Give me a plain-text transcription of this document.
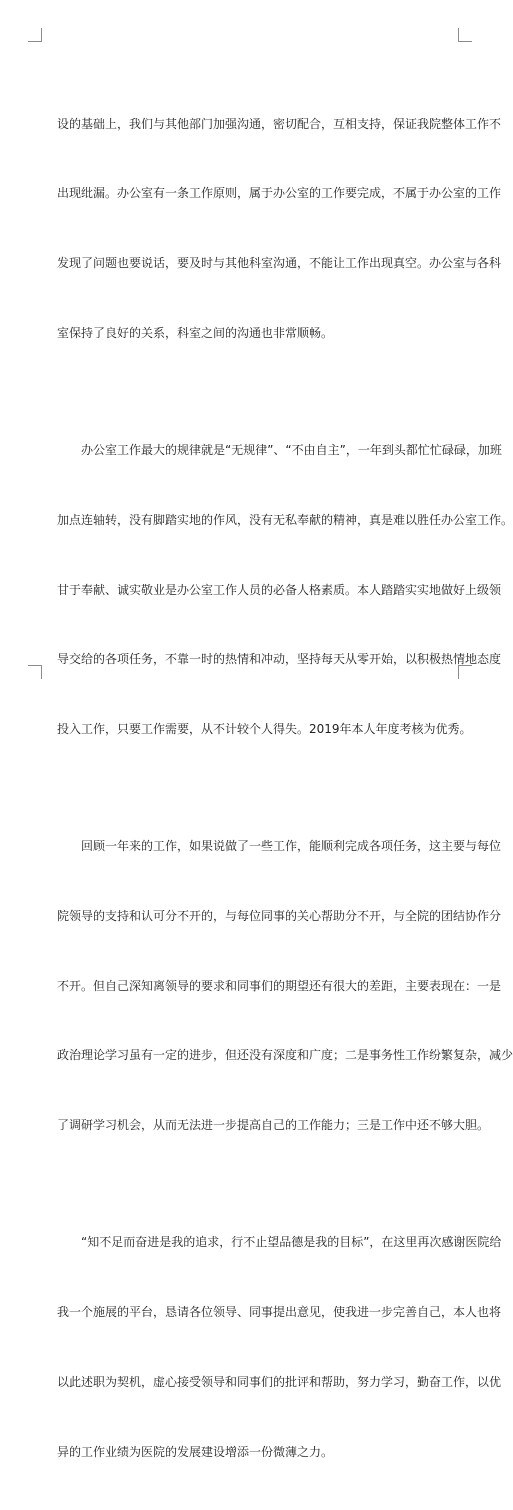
设的基础上，我们与其他部门加强沟通，密切配合，互相支持，保证我院整体工作不

出现纰漏。办公室有一条工作原则，属于办公室的工作要完成，不属于办公室的工作

发现了问题也要说话，要及时与其他科室沟通，不能让工作出现真空。办公室与各科

室保持了良好的关系，科室之间的沟通也非常顺畅。

　　办公室工作最大的规律就是“无规律”、“不由自主”，一年到头都忙忙碌碌，加班

加点连轴转，没有脚踏实地的作风，没有无私奉献的精神，真是难以胜任办公室工作。

甘于奉献、诚实敬业是办公室工作人员的必备人格素质。本人踏踏实实地做好上级领

导交给的各项任务，不靠一时的热情和冲动，坚持每天从零开始，以积极热情地态度

投入工作，只要工作需要，从不计较个人得失。2019年本人年度考核为优秀。

　　回顾一年来的工作，如果说做了一些工作，能顺利完成各项任务，这主要与每位

院领导的支持和认可分不开的，与每位同事的关心帮助分不开，与全院的团结协作分

不开。但自己深知离领导的要求和同事们的期望还有很大的差距，主要表现在：一是

政治理论学习虽有一定的进步，但还没有深度和广度；二是事务性工作纷繁复杂，减少

了调研学习机会，从而无法进一步提高自己的工作能力；三是工作中还不够大胆。

　　“知不足而奋进是我的追求，行不止望品德是我的目标”，在这里再次感谢医院给

我一个施展的平台，恳请各位领导、同事提出意见，使我进一步完善自己，本人也将

以此述职为契机，虚心接受领导和同事们的批评和帮助，努力学习，勤奋工作，以优

异的工作业绩为医院的发展建设增添一份微薄之力。
